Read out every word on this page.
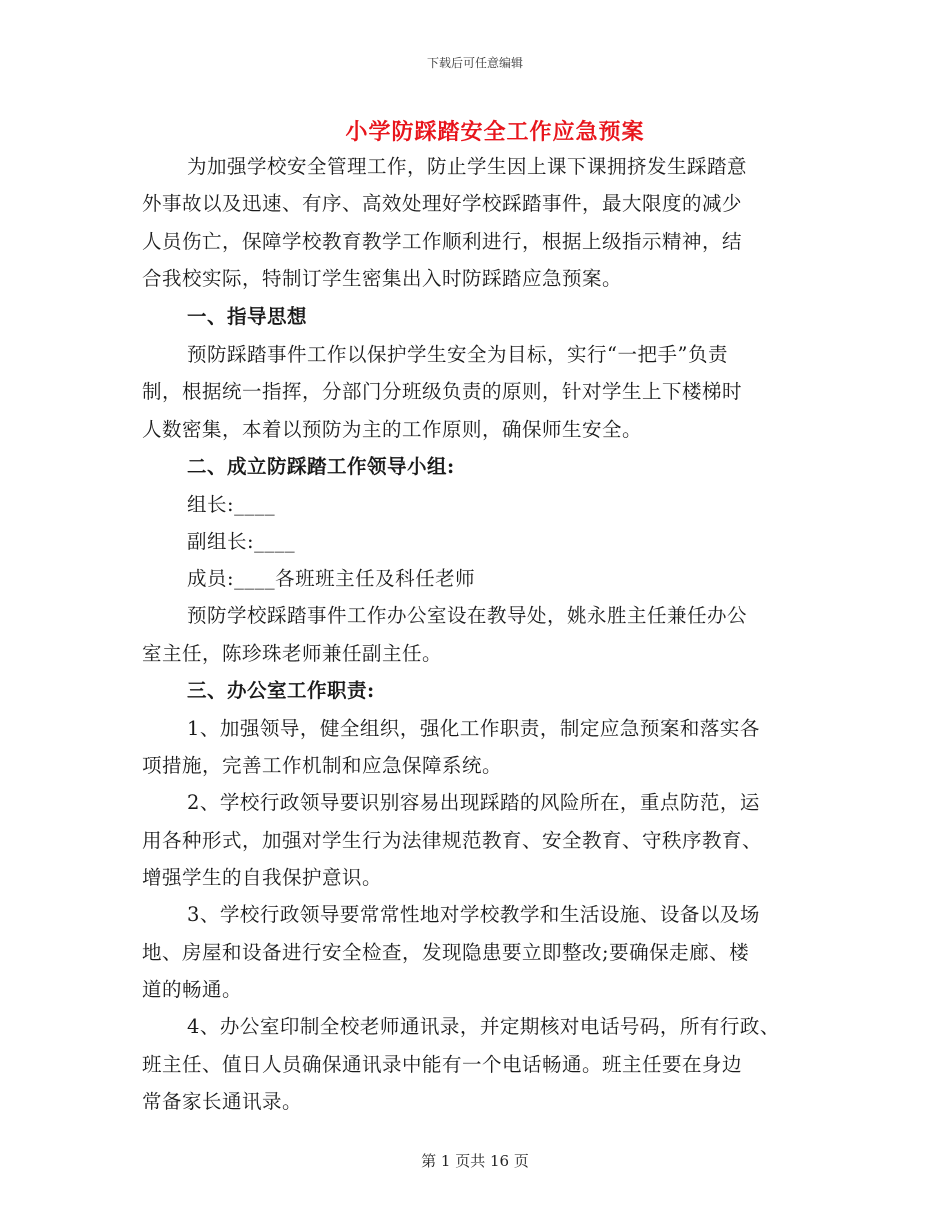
下载后可任意编辑
小学防踩踏安全工作应急预案
为加强学校安全管理工作，防止学生因上课下课拥挤发生踩踏意
外事故以及迅速、有序、高效处理好学校踩踏事件，最大限度的减少
人员伤亡，保障学校教育教学工作顺利进行，根据上级指示精神，结
合我校实际，特制订学生密集出入时防踩踏应急预案。
一、指导思想
预防踩踏事件工作以保护学生安全为目标，实行“一把手”负责
制，根据统一指挥，分部门分班级负责的原则，针对学生上下楼梯时
人数密集，本着以预防为主的工作原则，确保师生安全。
二、成立防踩踏工作领导小组:
组长:____
副组长:____
成员:____各班班主任及科任老师
预防学校踩踏事件工作办公室设在教导处，姚永胜主任兼任办公
室主任，陈珍珠老师兼任副主任。
三、办公室工作职责:
1、加强领导，健全组织，强化工作职责，制定应急预案和落实各
项措施，完善工作机制和应急保障系统。
2、学校行政领导要识别容易出现踩踏的风险所在，重点防范，运
用各种形式，加强对学生行为法律规范教育、安全教育、守秩序教育、
增强学生的自我保护意识。
3、学校行政领导要常常性地对学校教学和生活设施、设备以及场
地、房屋和设备进行安全检查，发现隐患要立即整改;要确保走廊、楼
道的畅通。
4、办公室印制全校老师通讯录，并定期核对电话号码，所有行政、
班主任、值日人员确保通讯录中能有一个电话畅通。班主任要在身边
常备家长通讯录。
第 1 页共 16 页
